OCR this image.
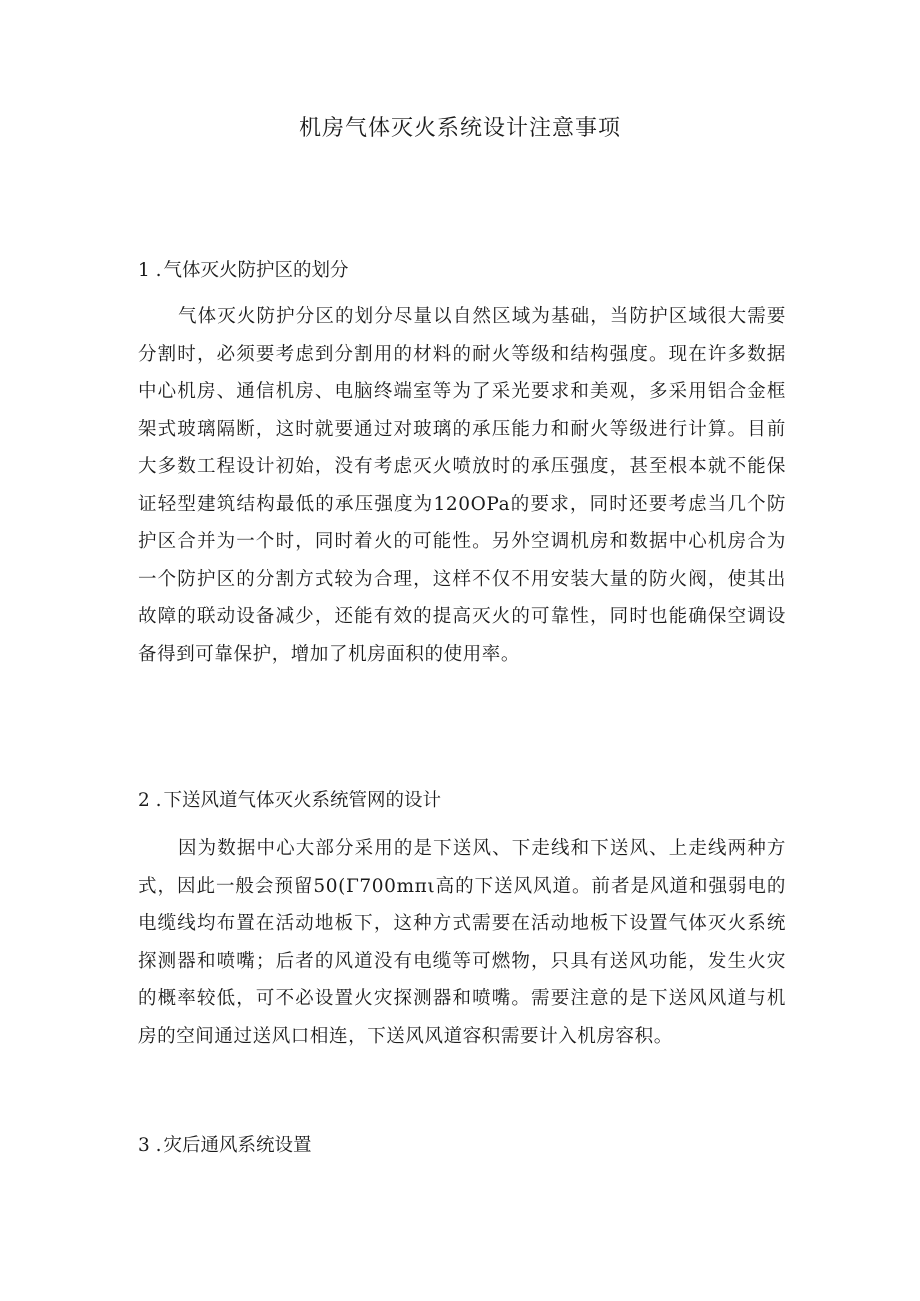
机房气体灭火系统设计注意事项
1 . 气体灭火防护区的划分

气体灭火防护分区的划分尽量以自然区域为基础，当防护区域很大需要分割时，必须要考虑到分割用的材料的耐火等级和结构强度。现在许多数据中心机房、通信机房、电脑终端室等为了采光要求和美观，多采用铝合金框架式玻璃隔断，这时就要通过对玻璃的承压能力和耐火等级进行计算。目前大多数工程设计初始，没有考虑灭火喷放时的承压强度，甚至根本就不能保证轻型建筑结构最低的承压强度为120OPa的要求，同时还要考虑当几个防护区合并为一个时，同时着火的可能性。另外空调机房和数据中心机房合为一个防护区的分割方式较为合理，这样不仅不用安装大量的防火阀，使其出故障的联动设备减少，还能有效的提高灭火的可靠性，同时也能确保空调设备得到可靠保护，增加了机房面积的使用率。

2 . 下送风道气体灭火系统管网的设计

因为数据中心大部分采用的是下送风、下走线和下送风、上走线两种方式，因此一般会预留50(Γ700mπι高的下送风风道。前者是风道和强弱电的电缆线均布置在活动地板下，这种方式需要在活动地板下设置气体灭火系统探测器和喷嘴；后者的风道没有电缆等可燃物，只具有送风功能，发生火灾的概率较低，可不必设置火灾探测器和喷嘴。需要注意的是下送风风道与机房的空间通过送风口相连，下送风风道容积需要计入机房容积。

3 . 灾后通风系统设置
